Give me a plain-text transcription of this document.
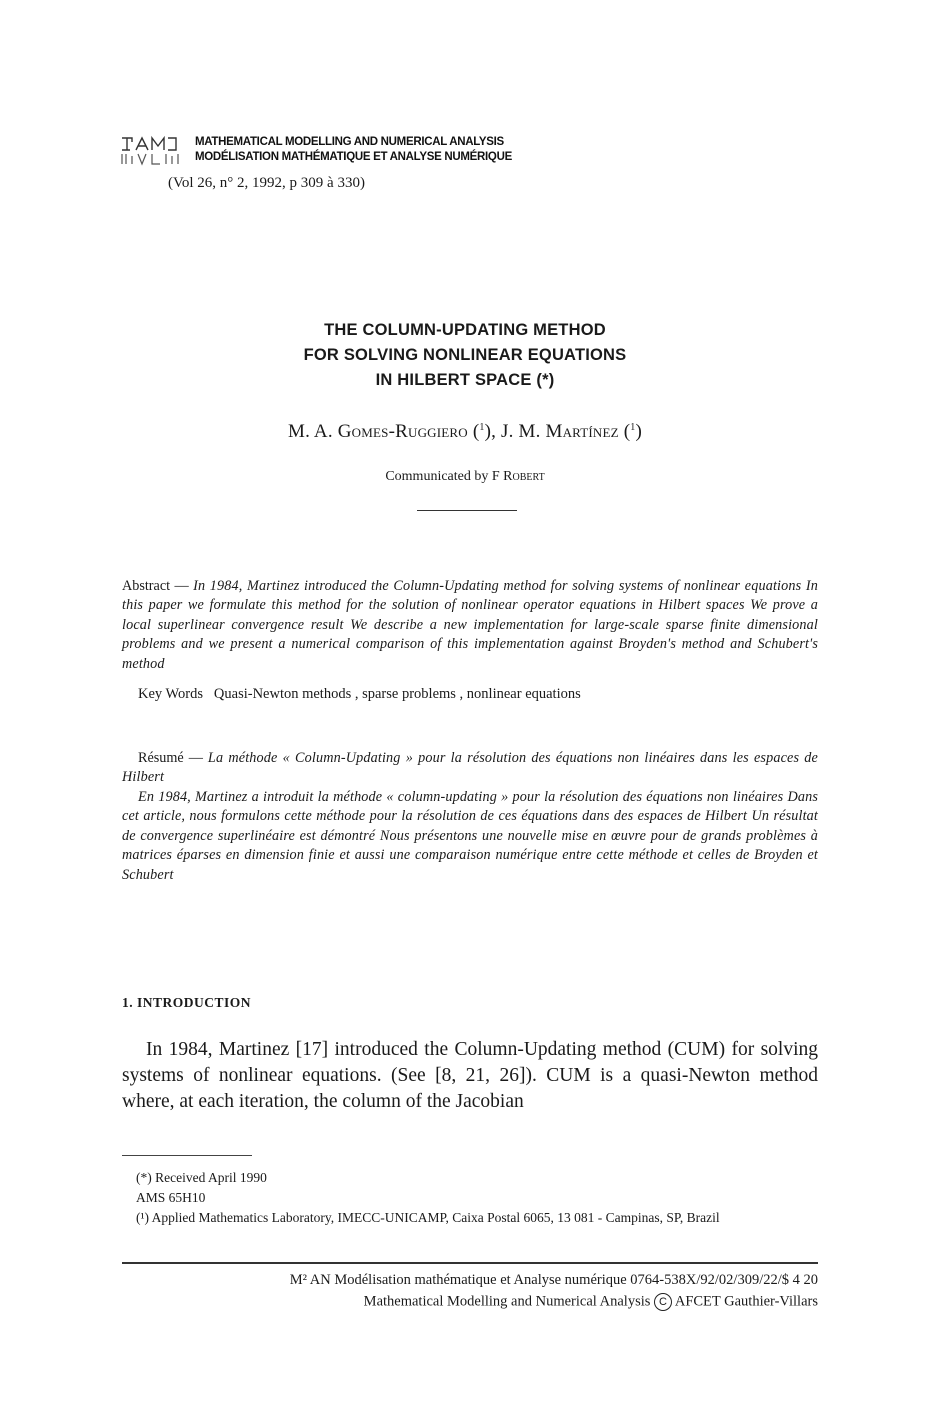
MATHEMATICAL MODELLING AND NUMERICAL ANALYSIS
MODÉLISATION MATHÉMATIQUE ET ANALYSE NUMÉRIQUE
(Vol 26, n° 2, 1992, p 309 à 330)
THE COLUMN-UPDATING METHOD
FOR SOLVING NONLINEAR EQUATIONS
IN HILBERT SPACE (*)
M. A. Gomes-Ruggiero ($^1$), J. M. Martínez ($^1$)
Communicated by F Robert
Abstract — In 1984, Martinez introduced the Column-Updating method for solving systems of nonlinear equations In this paper we formulate this method for the solution of nonlinear operator equations in Hilbert spaces We prove a local superlinear convergence result We describe a new implementation for large-scale sparse finite dimensional problems and we present a numerical comparison of this implementation against Broyden's method and Schubert's method
Key Words Quasi-Newton methods , sparse problems , nonlinear equations
Résumé — La méthode « Column-Updating » pour la résolution des équations non linéaires dans les espaces de Hilbert
En 1984, Martinez a introduit la méthode « column-updating » pour la résolution des équations non linéaires Dans cet article, nous formulons cette méthode pour la résolution de ces équations dans des espaces de Hilbert Un résultat de convergence superlinéaire est démontré Nous présentons une nouvelle mise en œuvre pour de grands problèmes à matrices éparses en dimension finie et aussi une comparaison numérique entre cette méthode et celles de Broyden et Schubert
1. INTRODUCTION
In 1984, Martinez [17] introduced the Column-Updating method (CUM) for solving systems of nonlinear equations. (See [8, 21, 26]). CUM is a quasi-Newton method where, at each iteration, the column of the Jacobian
(*) Received April 1990
AMS 65H10
(¹) Applied Mathematics Laboratory, IMECC-UNICAMP, Caixa Postal 6065, 13 081 - Campinas, SP, Brazil
M² AN Modélisation mathématique et Analyse numérique 0764-538X/92/02/309/22/$ 4 20
Mathematical Modelling and Numerical Analysis C AFCET Gauthier-Villars
